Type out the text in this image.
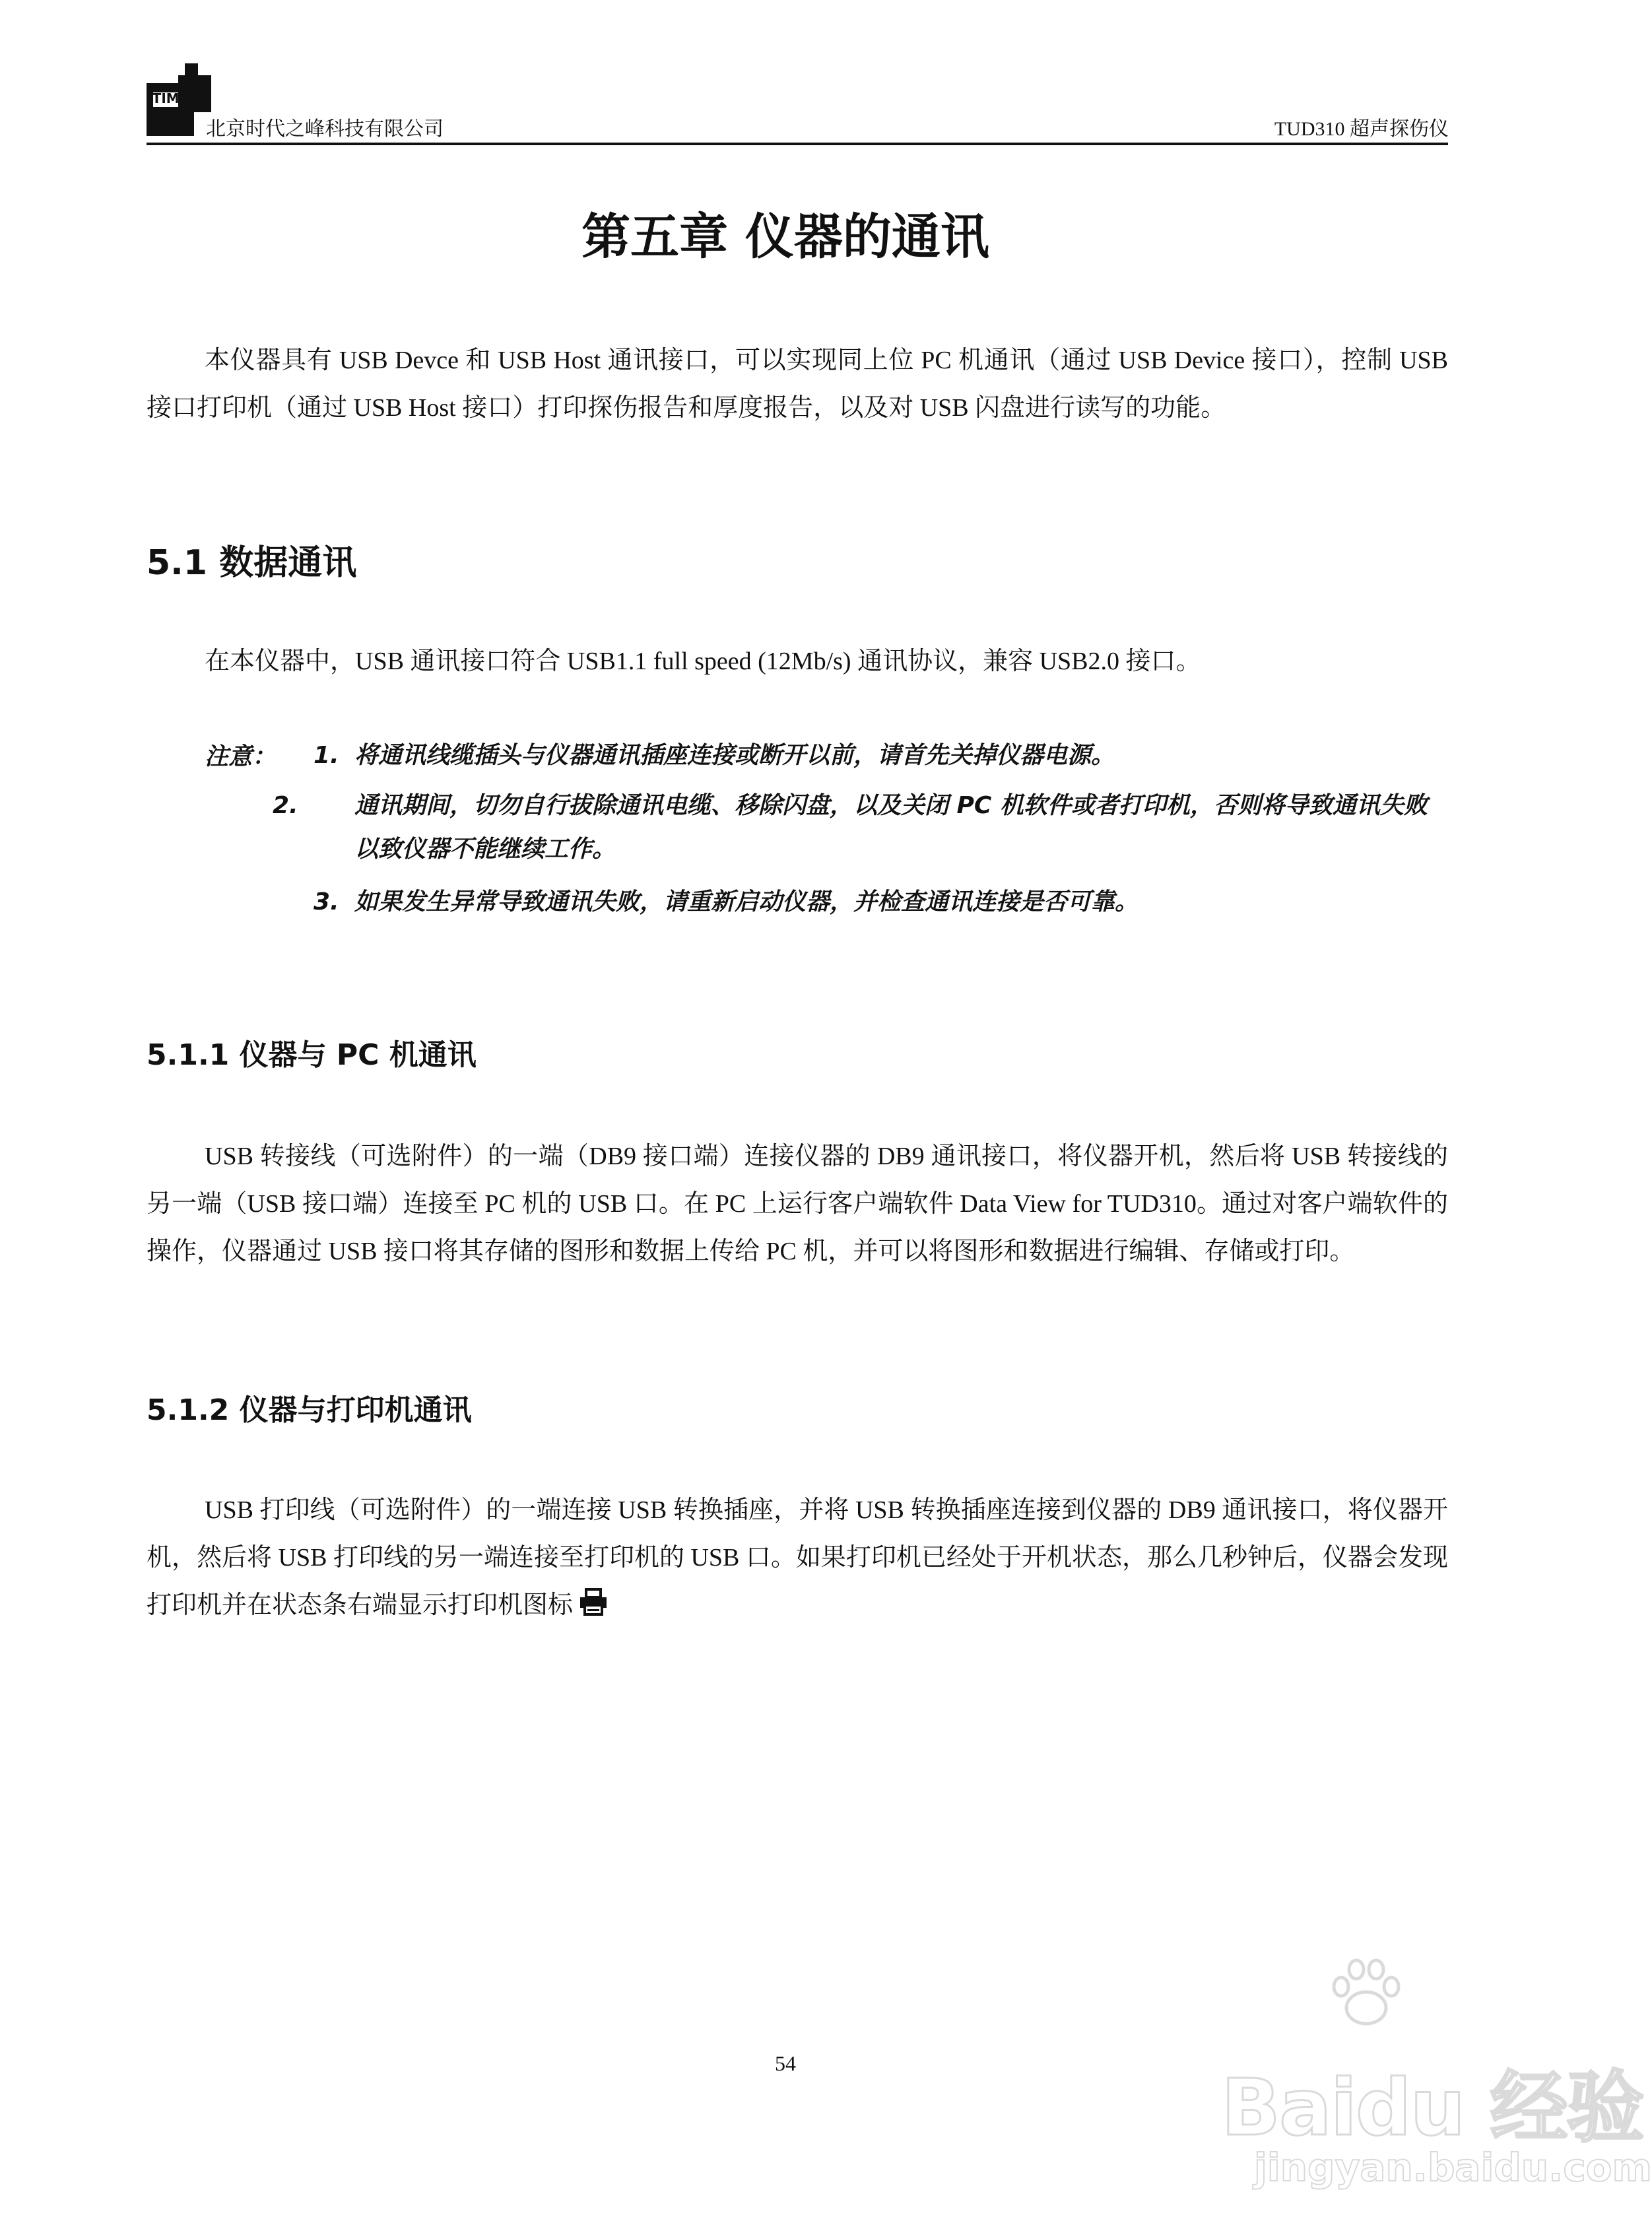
TIME
北京时代之峰科技有限公司	TUD310 超声探伤仪
第五章 仪器的通讯
本仪器具有 USB Devce 和 USB Host 通讯接口，可以实现同上位 PC 机通讯（通过 USB Device 接口），控制 USB 接口打印机（通过 USB Host 接口）打印探伤报告和厚度报告，以及对 USB 闪盘进行读写的功能。
5.1 数据通讯
在本仪器中，USB 通讯接口符合 USB1.1 full speed (12Mb/s) 通讯协议，兼容 USB2.0 接口。
注意： 1. 将通讯线缆插头与仪器通讯插座连接或断开以前，请首先关掉仪器电源。
2. 通讯期间，切勿自行拔除通讯电缆、移除闪盘，以及关闭 PC 机软件或者打印机，否则将导致通讯失败以致仪器不能继续工作。
3. 如果发生异常导致通讯失败，请重新启动仪器，并检查通讯连接是否可靠。
5.1.1 仪器与 PC 机通讯
USB 转接线（可选附件）的一端（DB9 接口端）连接仪器的 DB9 通讯接口，将仪器开机，然后将 USB 转接线的另一端（USB 接口端）连接至 PC 机的 USB 口。在 PC 上运行客户端软件 Data View for TUD310。通过对客户端软件的操作，仪器通过 USB 接口将其存储的图形和数据上传给 PC 机，并可以将图形和数据进行编辑、存储或打印。
5.1.2 仪器与打印机通讯
USB 打印线（可选附件）的一端连接 USB 转换插座，并将 USB 转换插座连接到仪器的 DB9 通讯接口，将仪器开机，然后将 USB 打印线的另一端连接至打印机的 USB 口。如果打印机已经处于开机状态，那么几秒钟后，仪器会发现打印机并在状态条右端显示打印机图标
54	Baidu 经验
jingyan.baidu.com
